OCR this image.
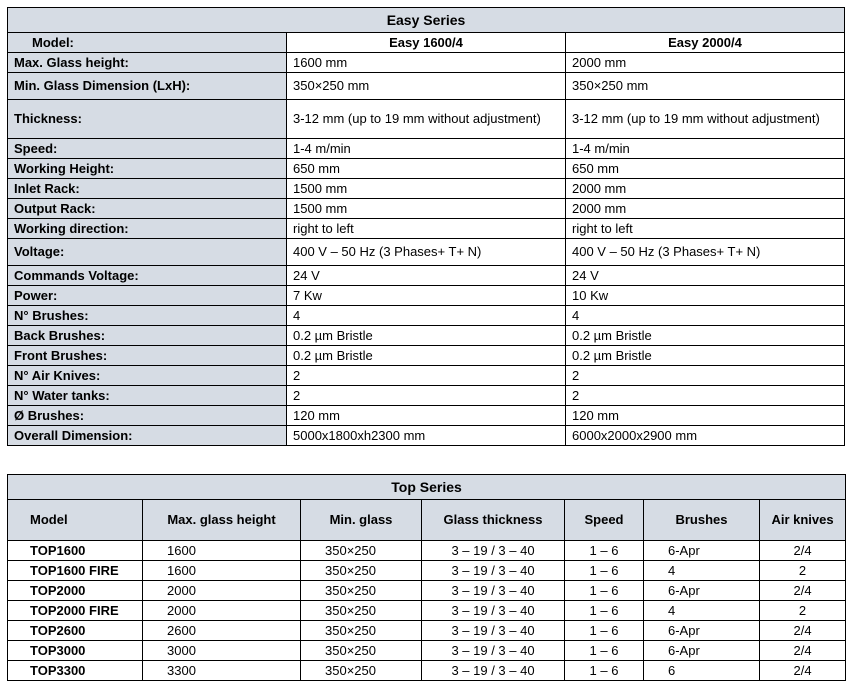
Easy Series		
Model:	Easy 1600/4	Easy 2000/4
Max. Glass height:	1600 mm	2000 mm
Min. Glass Dimension (LxH):	350×250 mm	350×250 mm
Thickness:	3-12 mm (up to 19 mm without adjustment)	3-12 mm (up to 19 mm without adjustment)
Speed:	1-4 m/min	1-4 m/min
Working Height:	650 mm	650 mm
Inlet Rack:	1500 mm	2000 mm
Output Rack:	1500 mm	2000 mm
Working direction:	right to left	right to left
Voltage:	400 V – 50 Hz (3 Phases+ T+ N)	400 V – 50 Hz (3 Phases+ T+ N)
Commands Voltage:	24 V	24 V
Power:	7 Kw	10 Kw
N° Brushes:	4	4
Back Brushes:	0.2 µm Bristle	0.2 µm Bristle
Front Brushes:	0.2 µm Bristle	0.2 µm Bristle
N° Air Knives:	2	2
N° Water tanks:	2	2
Ø Brushes:	120 mm	120 mm
Overall Dimension:	5000x1800xh2300 mm	6000x2000x2900 mm
Top Series						
Model	Max. glass height	Min. glass	Glass thickness	Speed	Brushes	Air knives
TOP1600	1600	350×250	3 – 19 / 3 – 40	1 – 6	6-Apr	2/4
TOP1600 FIRE	1600	350×250	3 – 19 / 3 – 40	1 – 6	4	2
TOP2000	2000	350×250	3 – 19 / 3 – 40	1 – 6	6-Apr	2/4
TOP2000 FIRE	2000	350×250	3 – 19 / 3 – 40	1 – 6	4	2
TOP2600	2600	350×250	3 – 19 / 3 – 40	1 – 6	6-Apr	2/4
TOP3000	3000	350×250	3 – 19 / 3 – 40	1 – 6	6-Apr	2/4
TOP3300	3300	350×250	3 – 19 / 3 – 40	1 – 6	6	2/4
